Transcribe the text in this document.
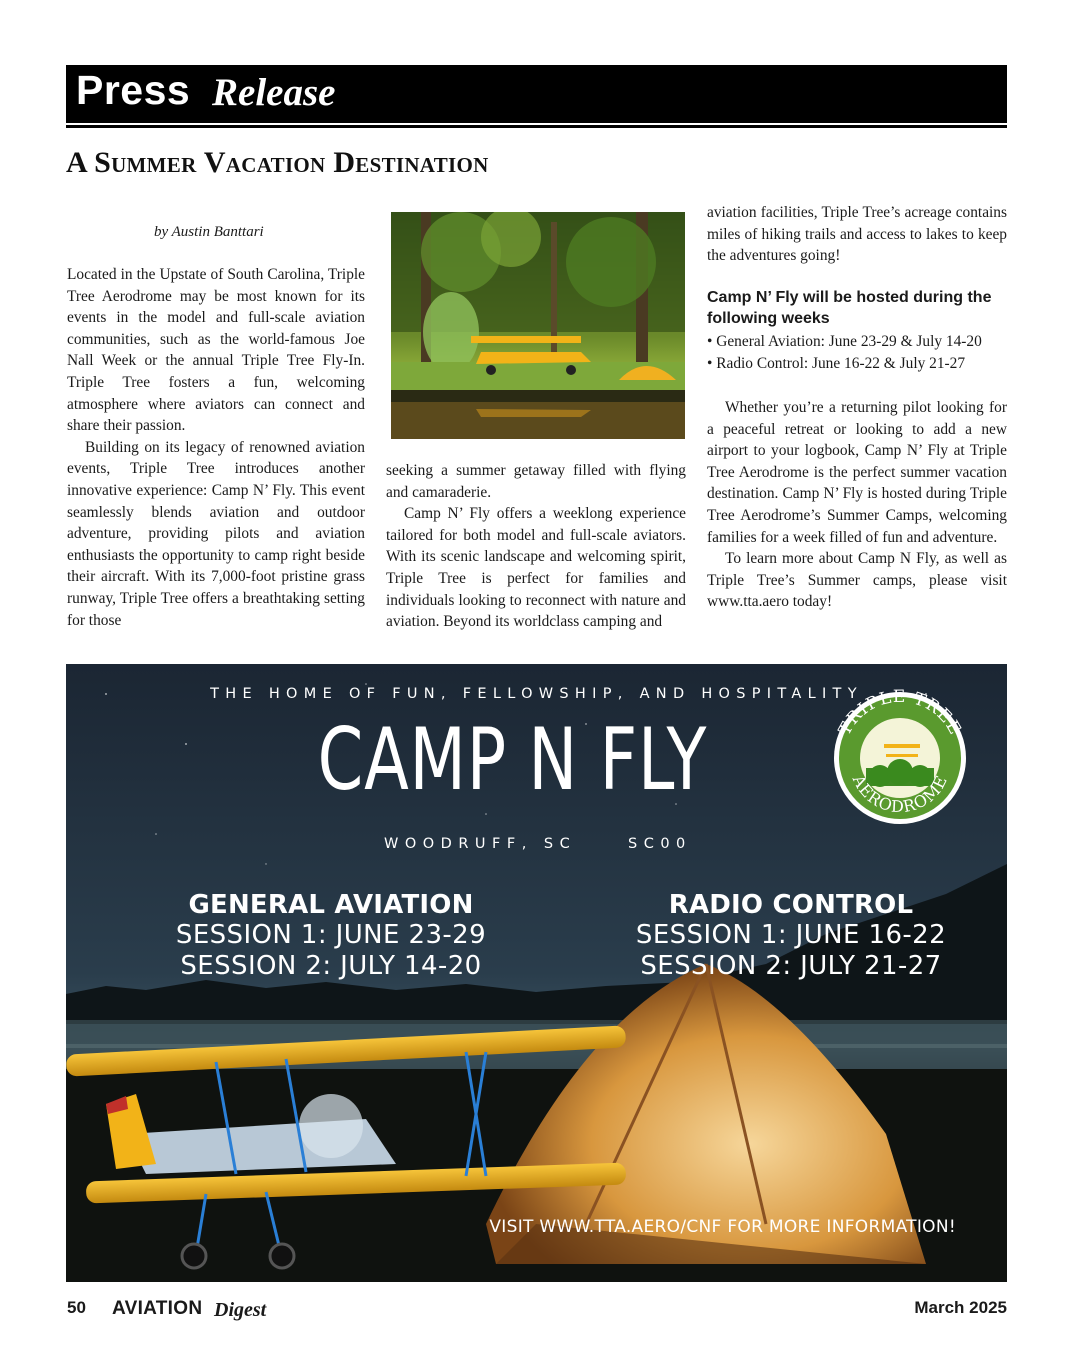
Press Release
A Summer Vacation Destination
by Austin Banttari

Located in the Upstate of South Carolina, Triple Tree Aerodrome may be most known for its events in the model and full-scale aviation communities, such as the world-famous Joe Nall Week or the annual Triple Tree Fly-In. Triple Tree fosters a fun, welcoming atmosphere where aviators can connect and share their passion.

Building on its legacy of renowned aviation events, Triple Tree introduces another innovative experience: Camp N’ Fly. This event seamlessly blends aviation and outdoor adventure, providing pilots and aviation enthusiasts the opportunity to camp right beside their aircraft. With its 7,000-foot pristine grass runway, Triple Tree offers a breathtaking setting for those

seeking a summer getaway filled with flying and camaraderie.

Camp N’ Fly offers a weeklong experience tailored for both model and full-scale aviators. With its scenic landscape and welcoming spirit, Triple Tree is perfect for families and individuals looking to reconnect with nature and aviation. Beyond its worldclass camping and

aviation facilities, Triple Tree’s acreage contains miles of hiking trails and access to lakes to keep the adventures going!

Camp N’ Fly will be hosted during the following weeks
• General Aviation: June 23-29 & July 14-20
• Radio Control: June 16-22 & July 21-27

Whether you’re a returning pilot looking for a peaceful retreat or looking to add a new airport to your logbook, Camp N’ Fly at Triple Tree Aerodrome is the perfect summer vacation destination. Camp N’ Fly is hosted during Triple Tree Aerodrome’s Summer Camps, welcoming families for a week filled of fun and adventure.

To learn more about Camp N Fly, as well as Triple Tree’s Summer camps, please visit www.tta.aero today!

THE HOME OF FUN, FELLOWSHIP, AND HOSPITALITY
CAMP N FLY
WOODRUFF, SC	SC00
TRIPLE TREE
AERODROME
GENERAL AVIATION
SESSION 1: JUNE 23-29
SESSION 2: JULY 14-20
RADIO CONTROL
SESSION 1: JUNE 16-22
SESSION 2: JULY 21-27
VISIT WWW.TTA.AERO/CNF FOR MORE INFORMATION!
50 AVIATION Digest	March 2025
